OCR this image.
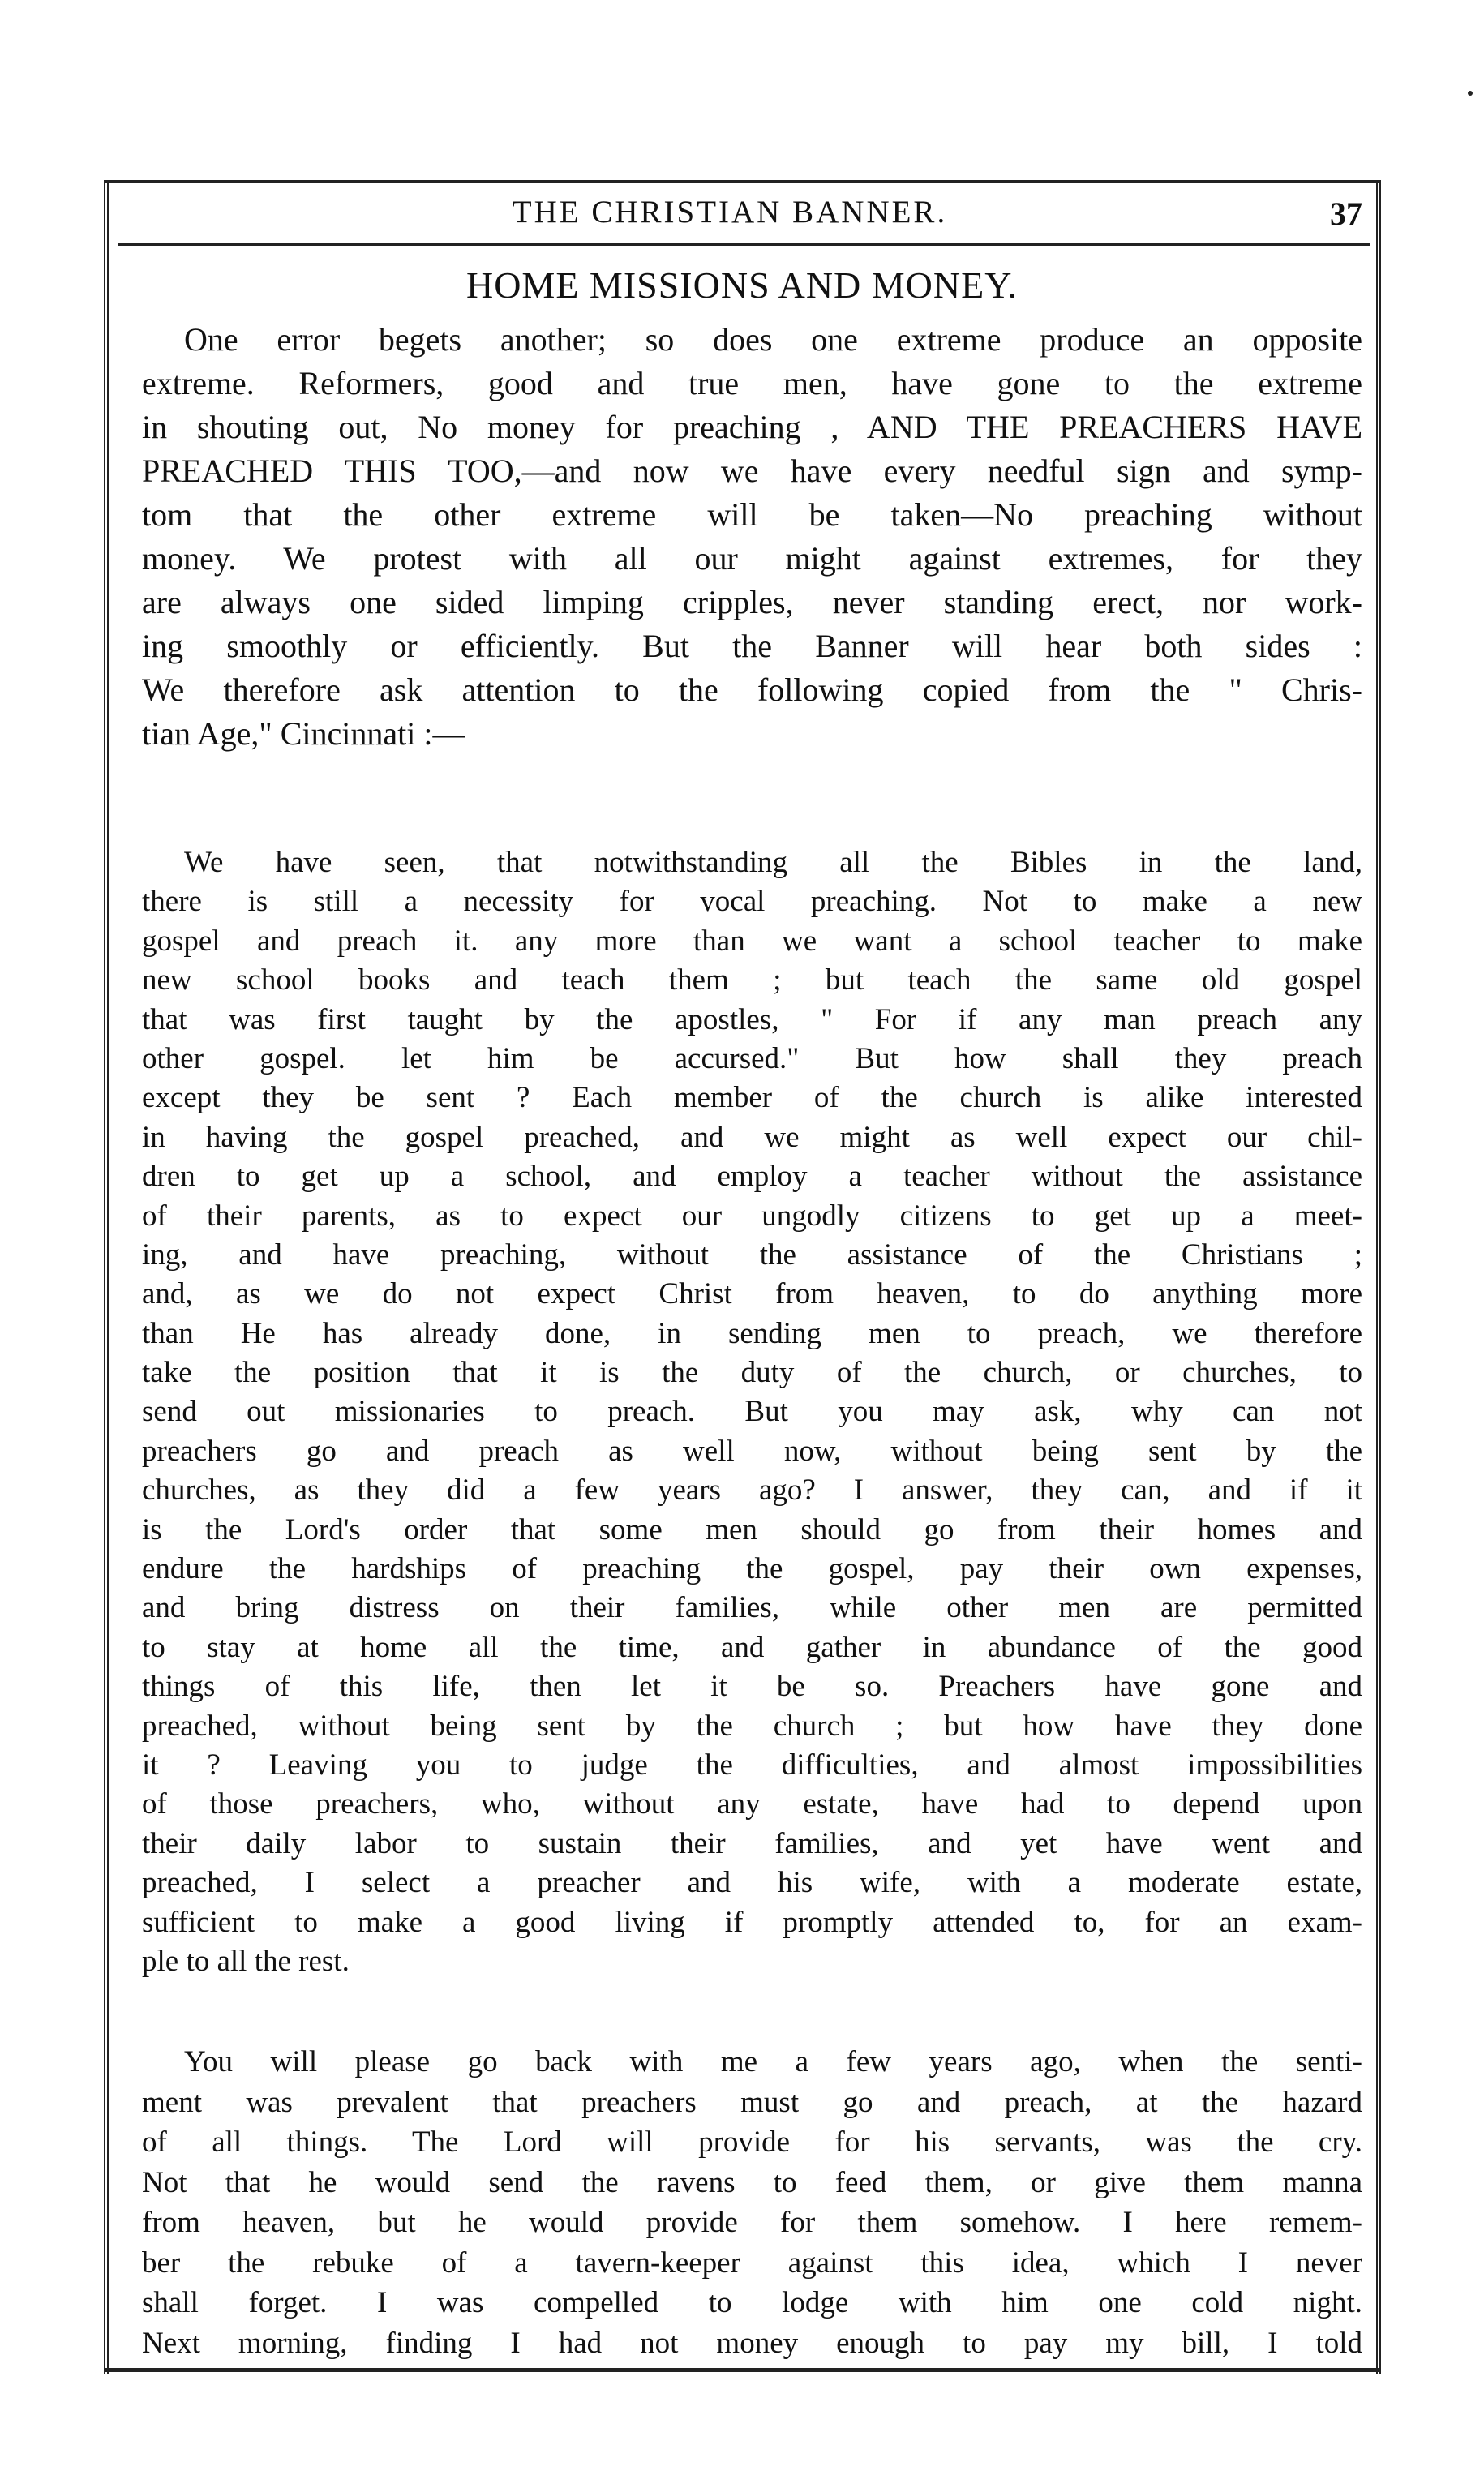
THE CHRISTIAN BANNER.	37
HOME MISSIONS AND MONEY.
One error begets another; so does one extreme produce an opposite
extreme. Reformers, good and true men, have gone to the extreme
in shouting out, No money for preaching , AND THE PREACHERS HAVE
PREACHED THIS TOO,—and now we have every needful sign and symp-
tom that the other extreme will be taken—No preaching without
money. We protest with all our might against extremes, for they
are always one sided limping cripples, never standing erect, nor work-
ing smoothly or efficiently. But the Banner will hear both sides :
We therefore ask attention to the following copied from the " Chris-
tian Age," Cincinnati :—
We have seen, that notwithstanding all the Bibles in the land,
there is still a necessity for vocal preaching. Not to make a new
gospel and preach it. any more than we want a school teacher to make
new school books and teach them ; but teach the same old gospel
that was first taught by the apostles, " For if any man preach any
other gospel. let him be accursed." But how shall they preach
except they be sent ? Each member of the church is alike interested
in having the gospel preached, and we might as well expect our chil-
dren to get up a school, and employ a teacher without the assistance
of their parents, as to expect our ungodly citizens to get up a meet-
ing, and have preaching, without the assistance of the Christians ;
and, as we do not expect Christ from heaven, to do anything more
than He has already done, in sending men to preach, we therefore
take the position that it is the duty of the church, or churches, to
send out missionaries to preach. But you may ask, why can not
preachers go and preach as well now, without being sent by the
churches, as they did a few years ago? I answer, they can, and if it
is the Lord's order that some men should go from their homes and
endure the hardships of preaching the gospel, pay their own expenses,
and bring distress on their families, while other men are permitted
to stay at home all the time, and gather in abundance of the good
things of this life, then let it be so. Preachers have gone and
preached, without being sent by the church ; but how have they done
it ? Leaving you to judge the difficulties, and almost impossibilities
of those preachers, who, without any estate, have had to depend upon
their daily labor to sustain their families, and yet have went and
preached, I select a preacher and his wife, with a moderate estate,
sufficient to make a good living if promptly attended to, for an exam-
ple to all the rest.
You will please go back with me a few years ago, when the senti-
ment was prevalent that preachers must go and preach, at the hazard
of all things. The Lord will provide for his servants, was the cry.
Not that he would send the ravens to feed them, or give them manna
from heaven, but he would provide for them somehow. I here remem-
ber the rebuke of a tavern-keeper against this idea, which I never
shall forget. I was compelled to lodge with him one cold night.
Next morning, finding I had not money enough to pay my bill, I told
